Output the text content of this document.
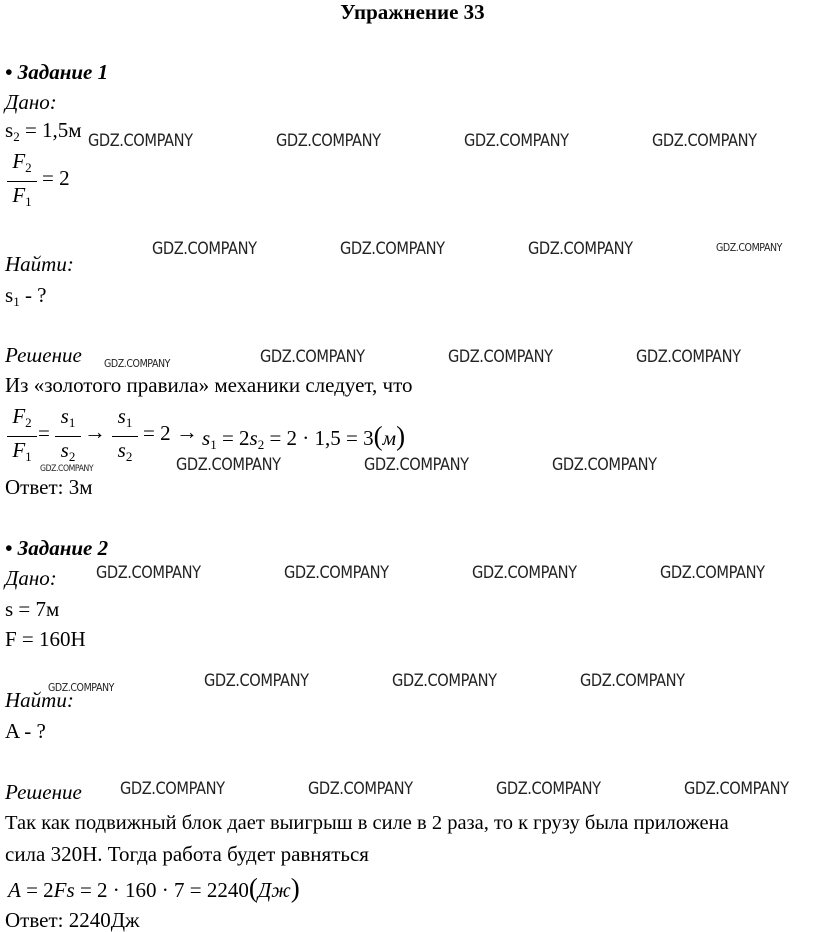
Упражнение 33
• Задание 1
Дано:
$s_2 = 1,5м$
$F_2$
$F_1$
= 2
Найти:
$s_1$ - ?
Решение
Из «золотого правила» механики следует, что
$F_2$
$F_1$
=
$s_1$
$s_2$
→
$s_1$
$s_2$
= $2 \to s_1 = 2s_2 = 2 \cdot 1,5 = 3(м)$
Ответ: 3м
• Задание 2
Дано:
s = 7м
F = 160Н
Найти:
A - ?
Решение
Так как подвижный блок дает выигрыш в силе в 2 раза, то к грузу была приложена
сила 320Н. Тогда работа будет равняться
A = 2Fs = 2 · 160 · 7 = 2240(Дж)
Ответ: 2240Дж
GDZ.COMPANY	GDZ.COMPANY	GDZ.COMPANY	GDZ.COMPANY
GDZ.COMPANY	GDZ.COMPANY	GDZ.COMPANY	GDZ.COMPANY
GDZ.COMPANY	GDZ.COMPANY	GDZ.COMPANY	GDZ.COMPANY
GDZ.COMPANY	GDZ.COMPANY	GDZ.COMPANY	GDZ.COMPANY
GDZ.COMPANY	GDZ.COMPANY	GDZ.COMPANY	GDZ.COMPANY
GDZ.COMPANY	GDZ.COMPANY	GDZ.COMPANY	GDZ.COMPANY
GDZ.COMPANY	GDZ.COMPANY	GDZ.COMPANY	GDZ.COMPANY
